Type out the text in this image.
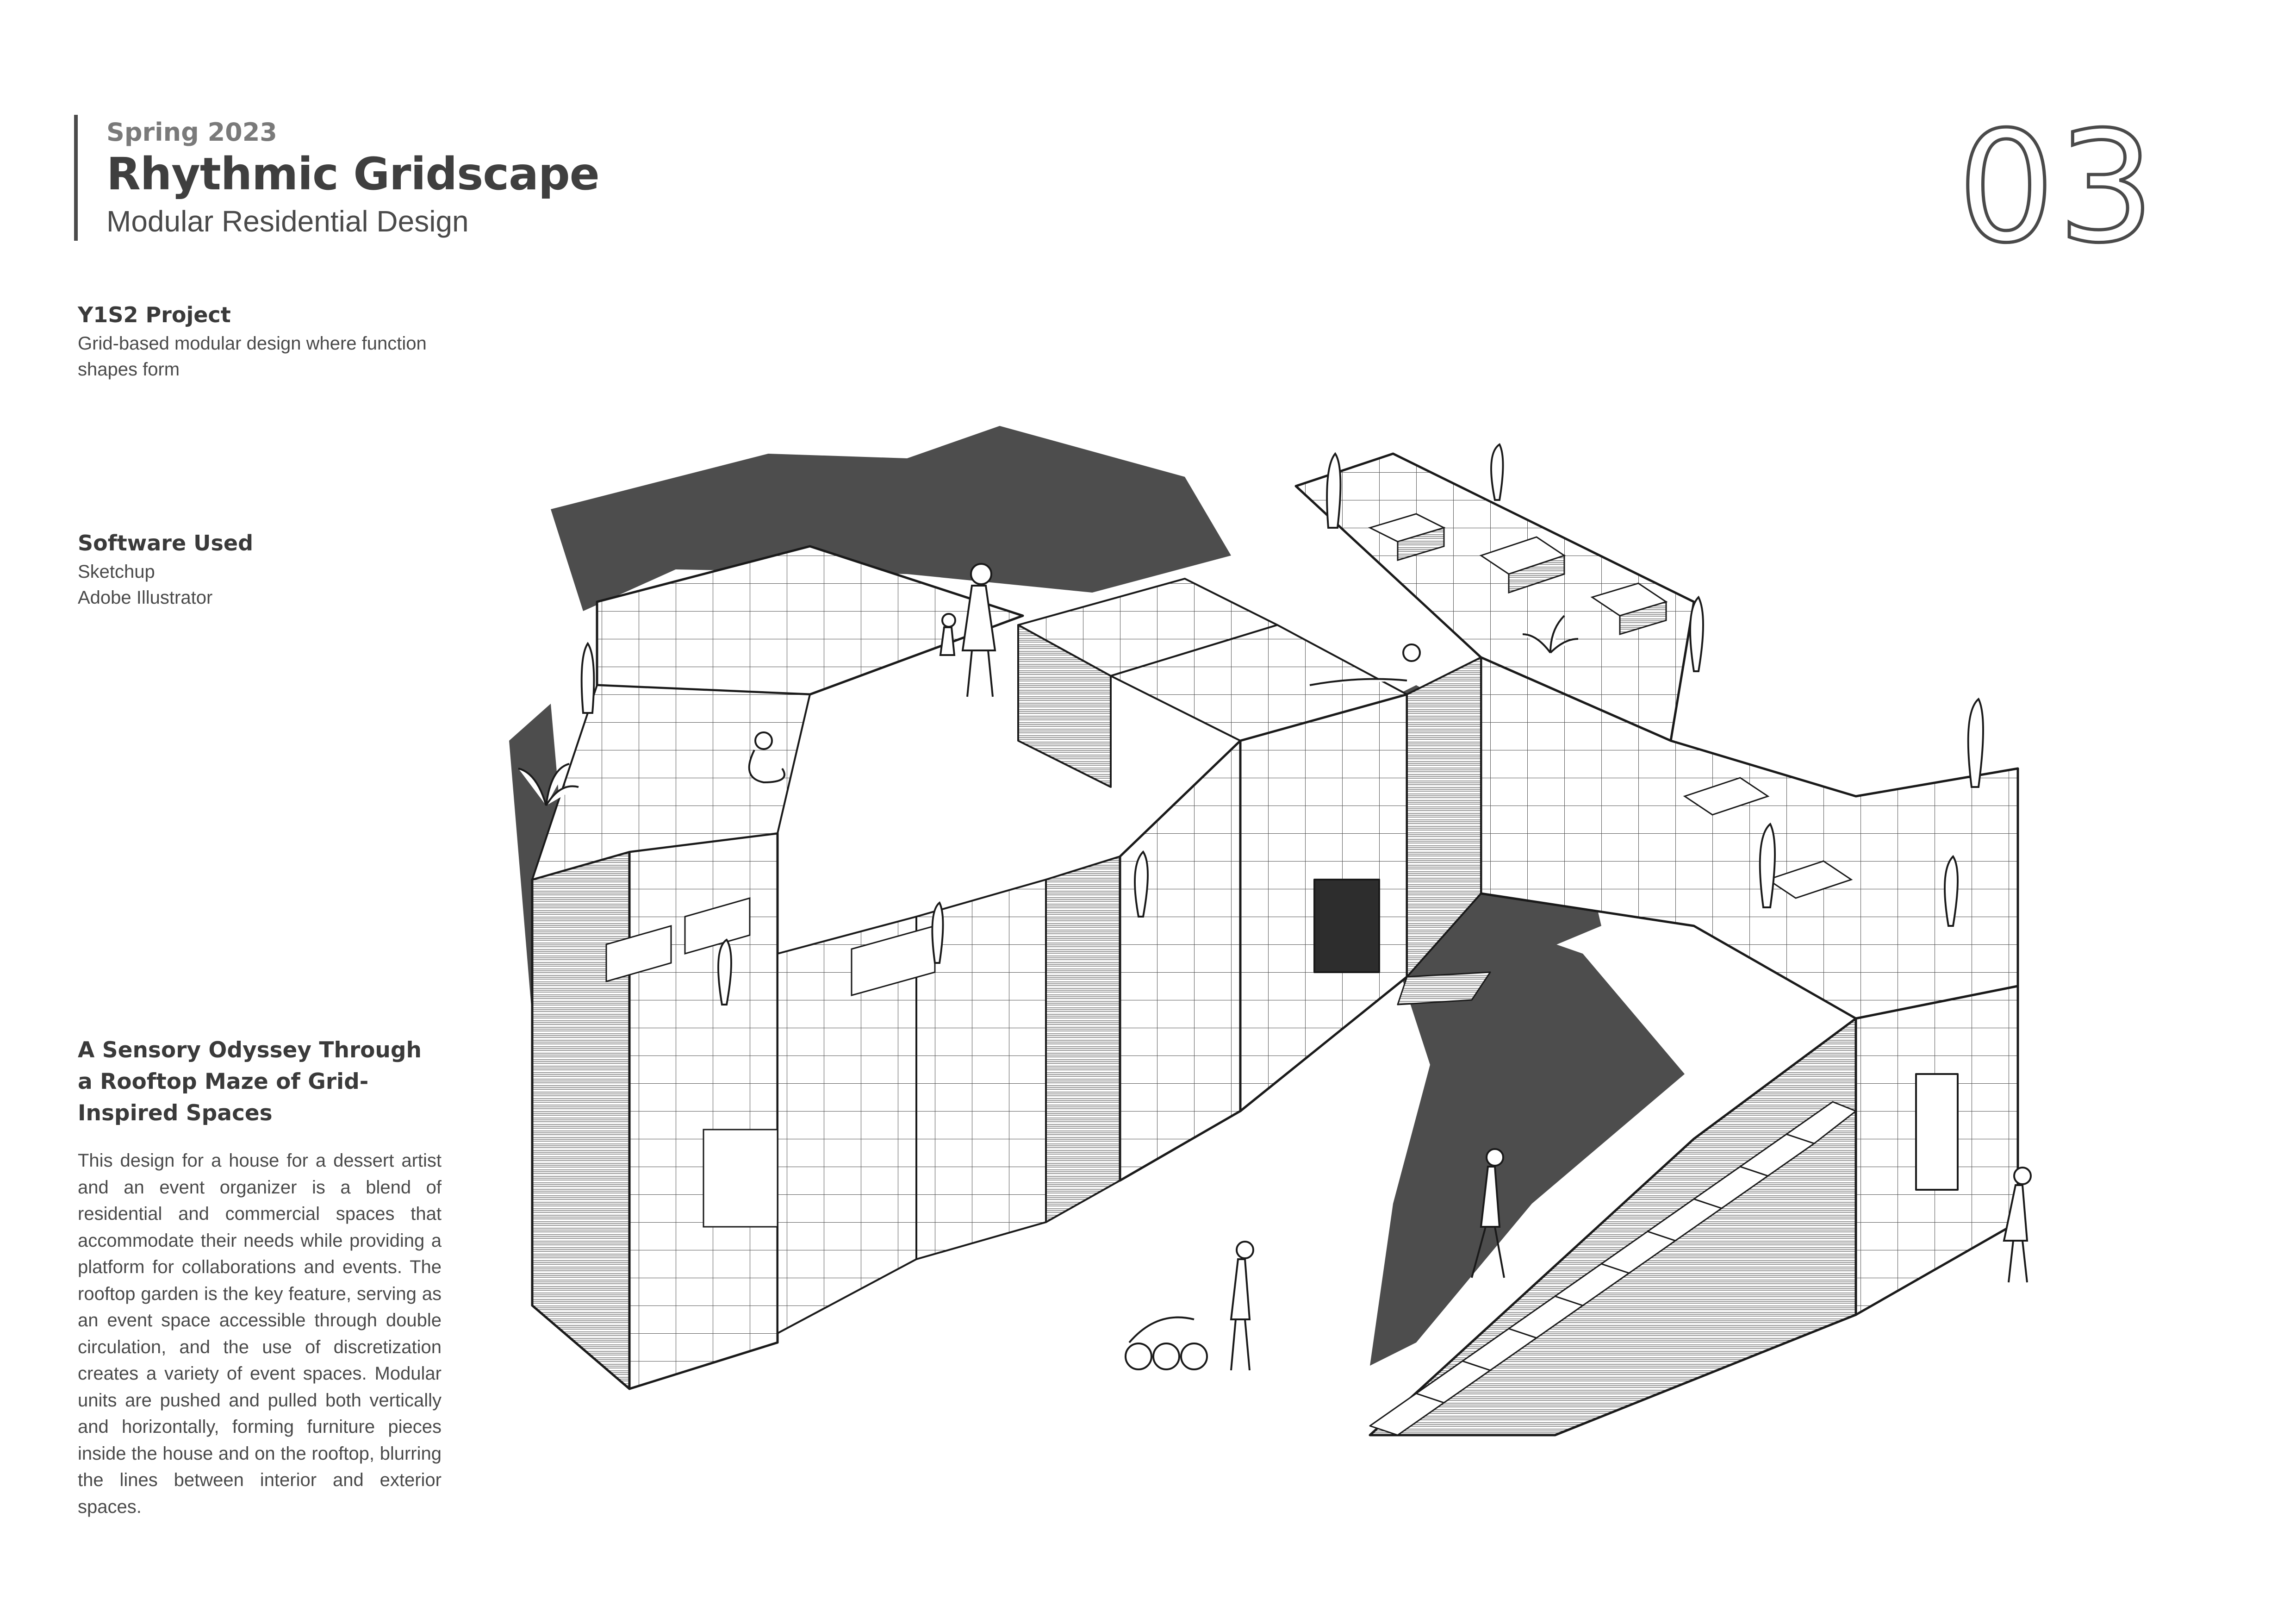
Spring 2023
Rhythmic Gridscape
Modular Residential Design	03
Y1S2 Project
Grid-based modular design where function shapes form
Software Used
Sketchup
Adobe Illustrator
A Sensory Odyssey Through a Rooftop Maze of Grid-Inspired Spaces
This design for a house for a dessert artist and an event organizer is a blend of residential and commercial spaces that accommodate their needs while providing a platform for collaborations and events. The rooftop garden is the key feature, serving as an event space accessible through double circulation, and the use of discretization creates a variety of event spaces. Modular units are pushed and pulled both vertically and horizontally, forming furniture pieces inside the house and on the rooftop, blurring the lines between interior and exterior spaces.
